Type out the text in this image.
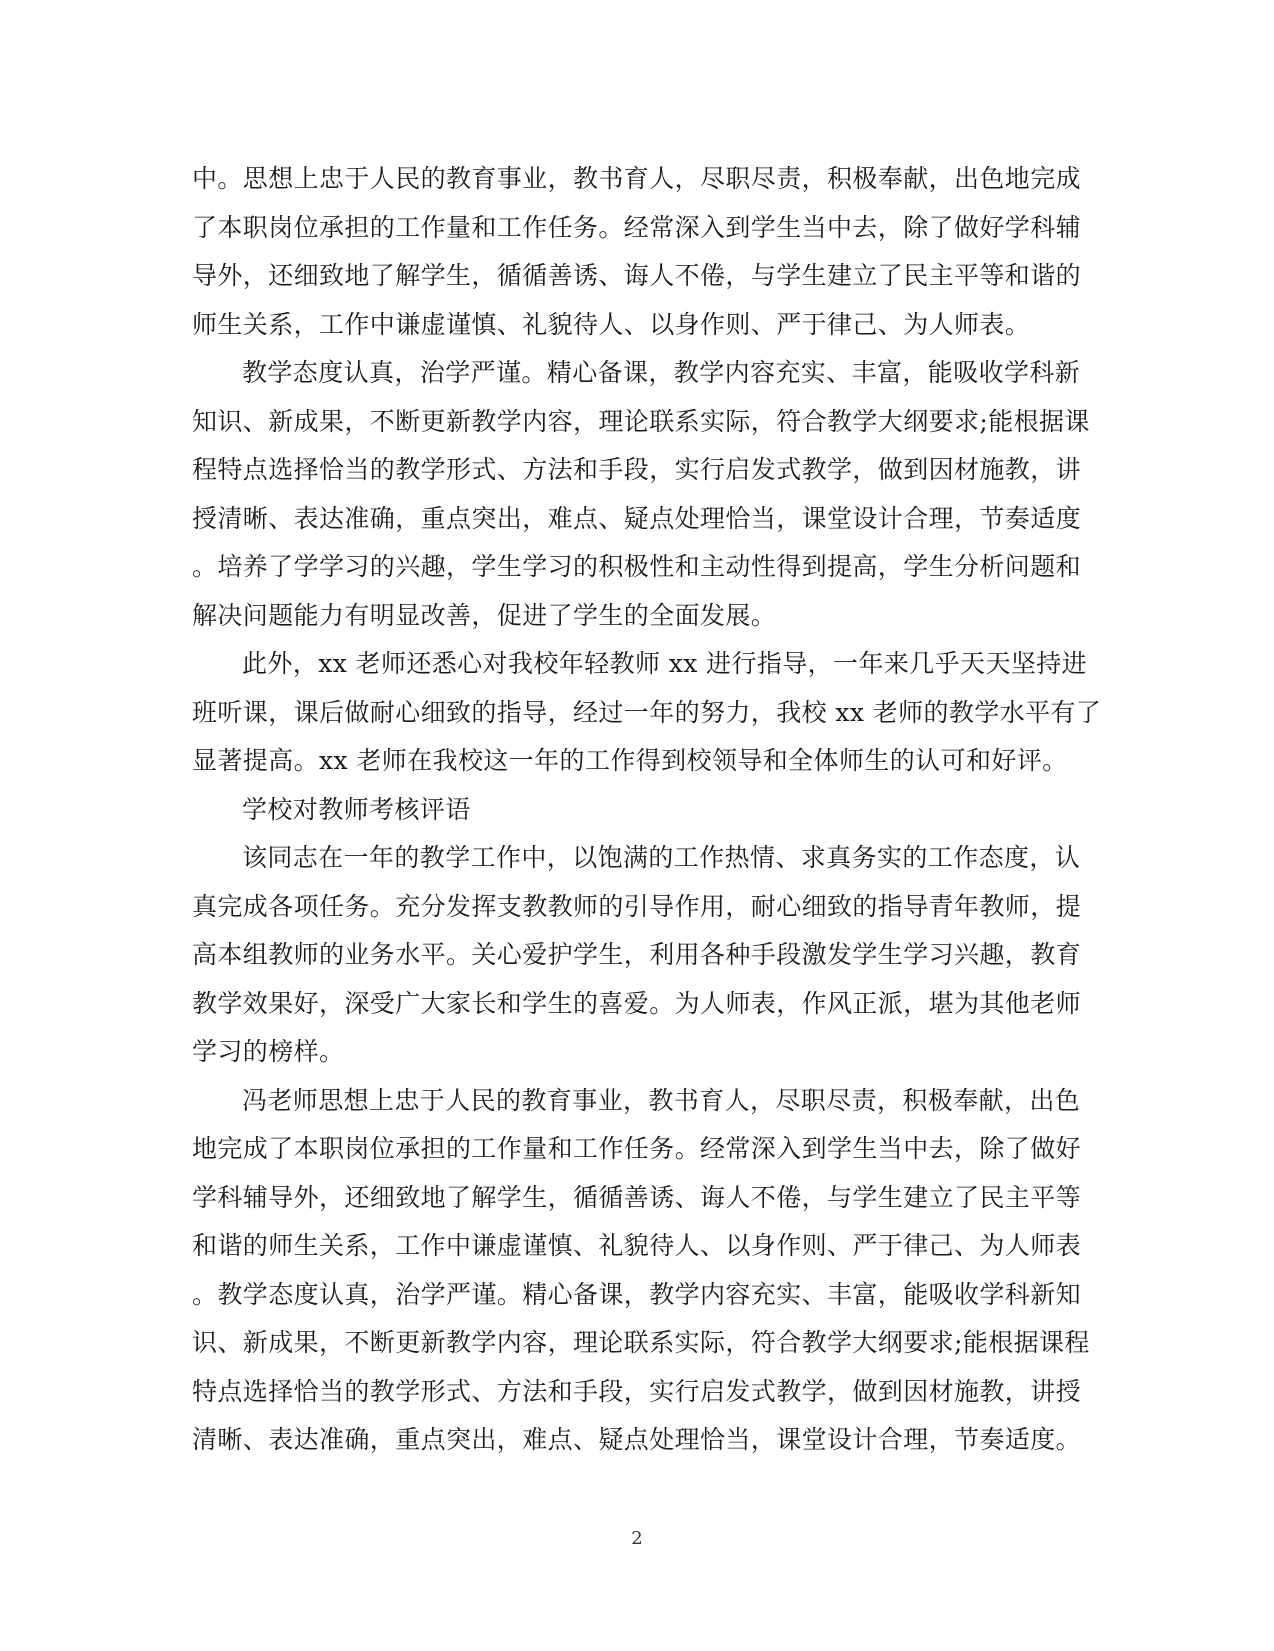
中。思想上忠于人民的教育事业，教书育人，尽职尽责，积极奉献，出色地完成
了本职岗位承担的工作量和工作任务。经常深入到学生当中去，除了做好学科辅
导外，还细致地了解学生，循循善诱、诲人不倦，与学生建立了民主平等和谐的
师生关系，工作中谦虚谨慎、礼貌待人、以身作则、严于律己、为人师表。
教学态度认真，治学严谨。精心备课，教学内容充实、丰富，能吸收学科新
知识、新成果，不断更新教学内容，理论联系实际，符合教学大纲要求;能根据课
程特点选择恰当的教学形式、方法和手段，实行启发式教学，做到因材施教，讲
授清晰、表达准确，重点突出，难点、疑点处理恰当，课堂设计合理，节奏适度
。培养了学学习的兴趣，学生学习的积极性和主动性得到提高，学生分析问题和
解决问题能力有明显改善，促进了学生的全面发展。
此外，xx 老师还悉心对我校年轻教师 xx 进行指导，一年来几乎天天坚持进
班听课，课后做耐心细致的指导，经过一年的努力，我校 xx 老师的教学水平有了
显著提高。xx 老师在我校这一年的工作得到校领导和全体师生的认可和好评。
学校对教师考核评语
该同志在一年的教学工作中，以饱满的工作热情、求真务实的工作态度，认
真完成各项任务。充分发挥支教教师的引导作用，耐心细致的指导青年教师，提
高本组教师的业务水平。关心爱护学生，利用各种手段激发学生学习兴趣，教育
教学效果好，深受广大家长和学生的喜爱。为人师表，作风正派，堪为其他老师
学习的榜样。
冯老师思想上忠于人民的教育事业，教书育人，尽职尽责，积极奉献，出色
地完成了本职岗位承担的工作量和工作任务。经常深入到学生当中去，除了做好
学科辅导外，还细致地了解学生，循循善诱、诲人不倦，与学生建立了民主平等
和谐的师生关系，工作中谦虚谨慎、礼貌待人、以身作则、严于律己、为人师表
。教学态度认真，治学严谨。精心备课，教学内容充实、丰富，能吸收学科新知
识、新成果，不断更新教学内容，理论联系实际，符合教学大纲要求;能根据课程
特点选择恰当的教学形式、方法和手段，实行启发式教学，做到因材施教，讲授
清晰、表达准确，重点突出，难点、疑点处理恰当，课堂设计合理，节奏适度。
2
